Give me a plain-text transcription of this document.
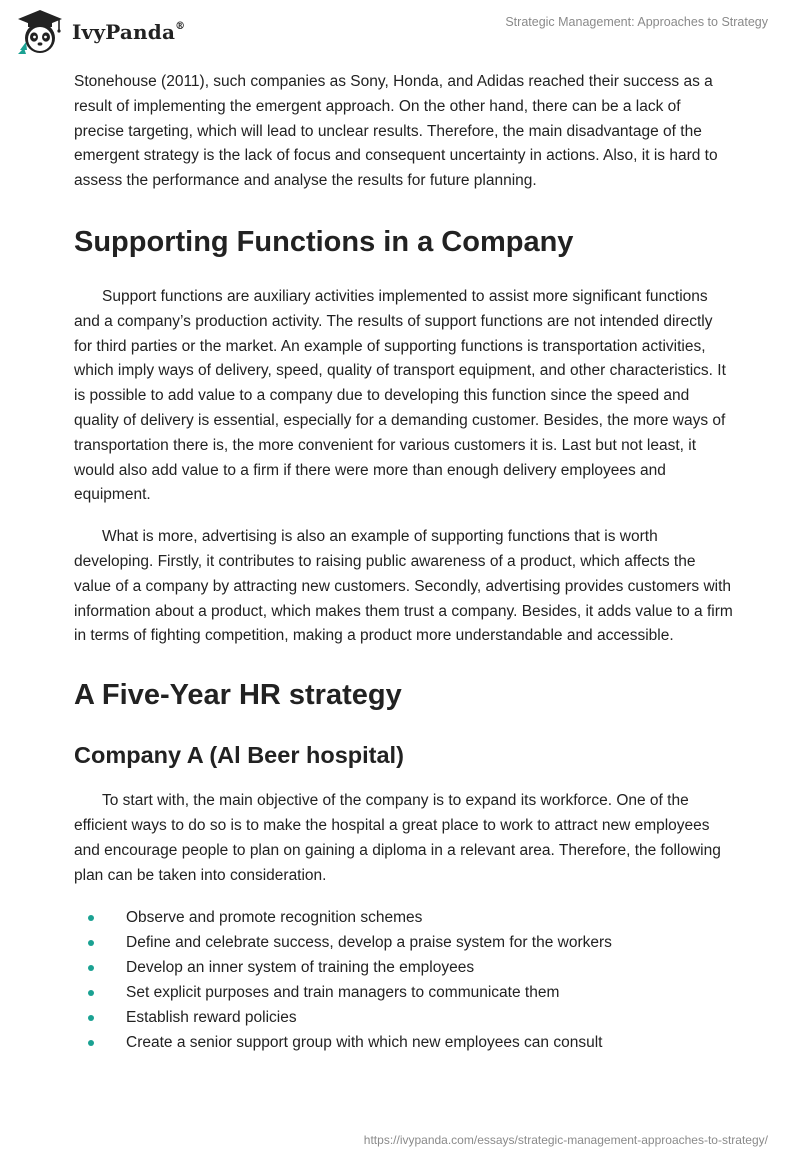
IvyPanda®	Strategic Management: Approaches to Strategy

Stonehouse (2011), such companies as Sony, Honda, and Adidas reached their success as a result of implementing the emergent approach. On the other hand, there can be a lack of precise targeting, which will lead to unclear results. Therefore, the main disadvantage of the emergent strategy is the lack of focus and consequent uncertainty in actions. Also, it is hard to assess the performance and analyse the results for future planning.

Supporting Functions in a Company

Support functions are auxiliary activities implemented to assist more significant functions and a company’s production activity. The results of support functions are not intended directly for third parties or the market. An example of supporting functions is transportation activities, which imply ways of delivery, speed, quality of transport equipment, and other characteristics. It is possible to add value to a company due to developing this function since the speed and quality of delivery is essential, especially for a demanding customer. Besides, the more ways of transportation there is, the more convenient for various customers it is. Last but not least, it would also add value to a firm if there were more than enough delivery employees and equipment.

What is more, advertising is also an example of supporting functions that is worth developing. Firstly, it contributes to raising public awareness of a product, which affects the value of a company by attracting new customers. Secondly, advertising provides customers with information about a product, which makes them trust a company. Besides, it adds value to a firm in terms of fighting competition, making a product more understandable and accessible.

A Five-Year HR strategy
Company A (Al Beer hospital)

To start with, the main objective of the company is to expand its workforce. One of the efficient ways to do so is to make the hospital a great place to work to attract new employees and encourage people to plan on gaining a diploma in a relevant area. Therefore, the following plan can be taken into consideration.

Observe and promote recognition schemes
Define and celebrate success, develop a praise system for the workers
Develop an inner system of training the employees
Set explicit purposes and train managers to communicate them
Establish reward policies
Create a senior support group with which new employees can consult
https://ivypanda.com/essays/strategic-management-approaches-to-strategy/
